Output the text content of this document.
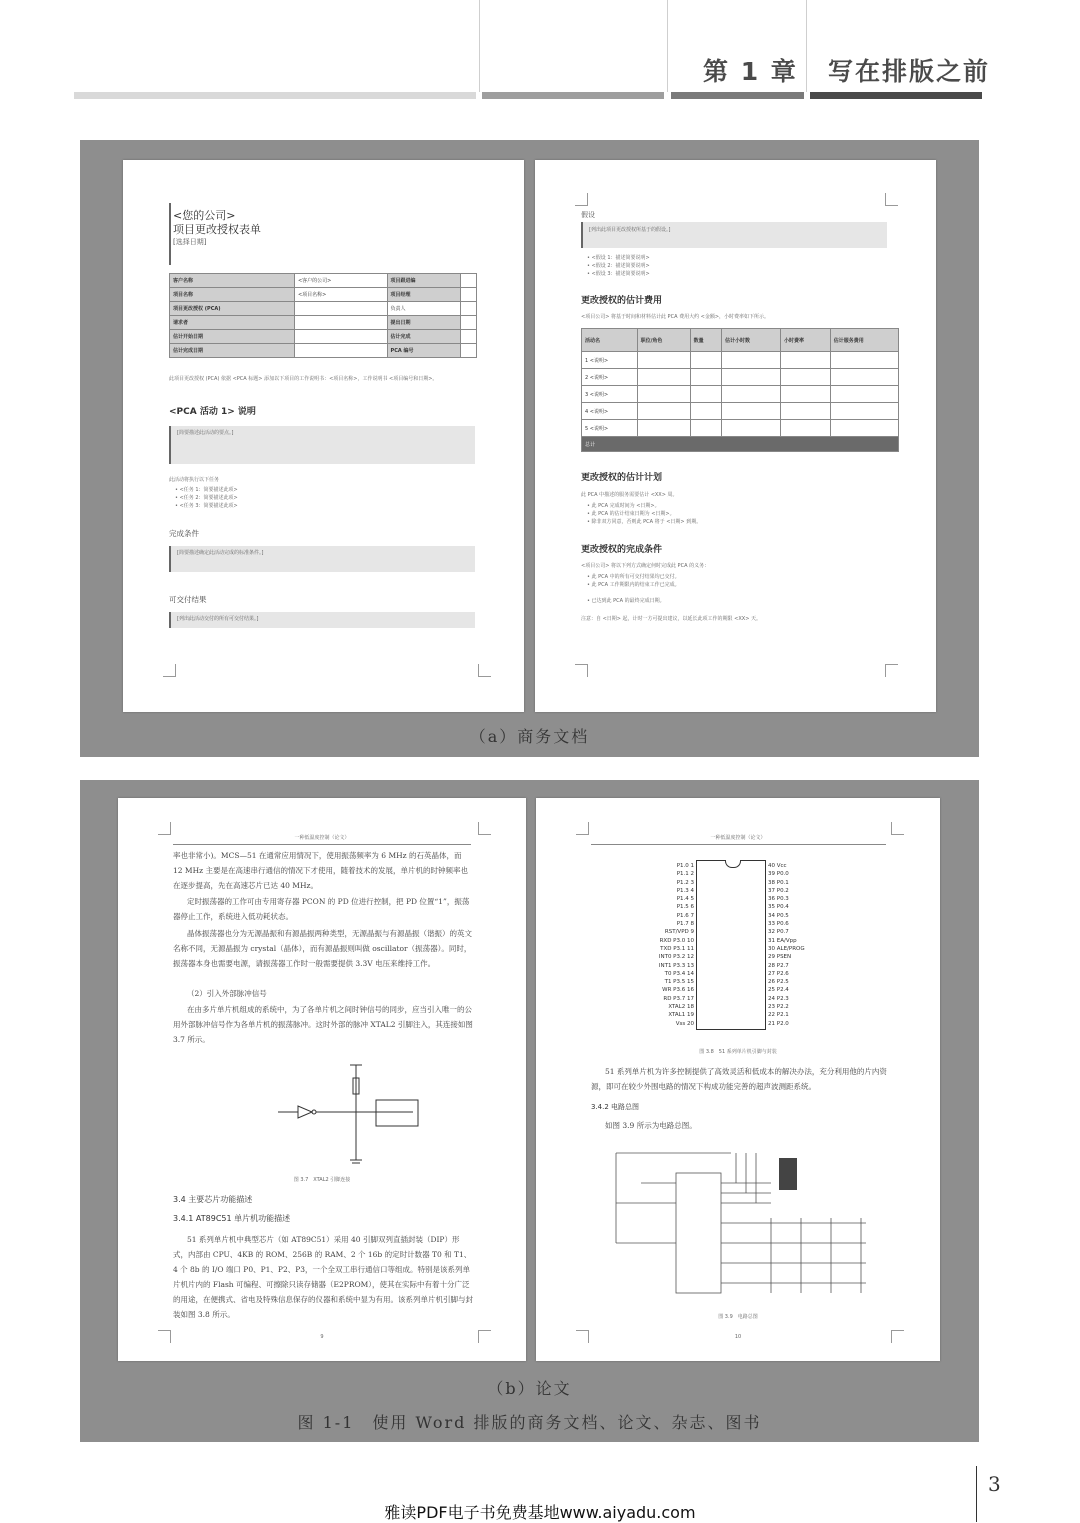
第 1 章 写在排版之前
<您的公司>
项目更改授权表单
[选择日期]
客户名称	<客户的公司>	项目跟进编	
项目名称	<项目名称>	项目经理	
项目更改授权 (PCA)		负责人	
请求者		提出日期	
估计开始日期		估计完成	
估计完成日期		PCA 编号	
此项目更改授权 (PCA) 依据 <PCA 标题> 添加以下项目的工作说明书：<项目名称>，工作说明书 <项目编号和日期>。
<PCA 活动 1> 说明
[简要描述此活动的要点。]
此活动将执行以下任务
• <任务 1：简要描述此项>
• <任务 2：简要描述此项>
• <任务 3：简要描述此项>
完成条件
[简要描述确定此活动完成的标准条件。]
可交付结果
[列出此活动交付的所有可交付结果。]
假设
[列出此项目更改授权所基于的假设。]
• <假设 1：描述简要说明>
• <假设 2：描述简要说明>
• <假设 3：描述简要说明>
更改授权的估计费用
<项目公司> 将基于时间和材料估计此 PCA 费用大约 <金额>，小时费率如下所示。
活动名	职位/角色	数量	估计小时数	小时费率	估计服务费用
1 <说明>					
2 <说明>					
3 <说明>					
4 <说明>					
5 <说明>					
总计					
更改授权的估计计划
此 PCA 中描述的服务需要估计 <XX> 周。
• 此 PCA 完成时间为 <日期>。
• 此 PCA 的估计结束日期为 <日期>。
• 除非双方同意，否则此 PCA 将于 <日期> 到期。
更改授权的完成条件
<项目公司> 将以下列方式确定何时完成此 PCA 的义务：
• 此 PCA 中的所有可交付结果均已交付。
• 此 PCA 工作期限内的结束工作已完成。
• 已达到此 PCA 的最终完成日期。
注意：自 <日期> 起，计时一方可提出建议，以延长此项工作的期限 <XX> 天。
（a）商务文档
一种低温度控制（论文）
率也非常小)。MCS—51 在通常应用情况下，使用振荡频率为 6 MHz 的石英晶体，而 12 MHz 主要是在高速串行通信的情况下才使用，随着技术的发展，单片机的时钟频率也在逐步提高，先在高速芯片已达 40 MHz。
定时振荡器的工作可由专用寄存器 PCON 的 PD 位进行控制，把 PD 位置“1”，振荡器停止工作，系统进入低功耗状态。
晶体振荡器也分为无源晶振和有源晶振两种类型，无源晶振与有源晶振（谐振）的英文名称不同，无源晶振为 crystal（晶体），而有源晶振则叫做 oscillator（振荡器）。同时，振荡器本身也需要电源，请振荡器工作时一般需要提供 3.3V 电压来维持工作。
（2）引入外部脉冲信号
在由多片单片机组成的系统中，为了各单片机之间时钟信号的同步，应当引入唯一的公用外部脉冲信号作为各单片机的振荡脉冲。这时外部的脉冲 XTAL2 引脚注入，其连接如图 3.7 所示。
图 3.7　XTAL2 引脚连接
3.4 主要芯片功能描述
3.4.1 AT89C51 单片机功能描述
51 系列单片机中典型芯片（如 AT89C51）采用 40 引脚双列直插封装（DIP）形式，内部由 CPU、4KB 的 ROM、256B 的 RAM、2 个 16b 的定时计数器 T0 和 T1、4 个 8b 的 I/O 端口 P0、P1、P2、P3，一个全双工串行通信口等组成。特别是该系列单片机片内的 Flash 可编程、可擦除只读存储器（E2PROM），使其在实际中有着十分广泛的用途，在便携式、省电及特殊信息保存的仪器和系统中显为有用。该系列单片机引脚与封装如图 3.8 所示。
9
一种低温度控制（论文）
P1.0 1
P1.1 2
P1.2 3
P1.3 4
P1.4 5
P1.5 6
P1.6 7
P1.7 8
RST/VPD 9
RXD P3.0 10
TXD P3.1 11
INT0 P3.2 12
INT1 P3.3 13
T0 P3.4 14
T1 P3.5 15
WR P3.6 16
RD P3.7 17
XTAL2 18
XTAL1 19
Vss 20
40 Vcc
39 P0.0
38 P0.1
37 P0.2
36 P0.3
35 P0.4
34 P0.5
33 P0.6
32 P0.7
31 EA/Vpp
30 ALE/PROG
29 PSEN
28 P2.7
27 P2.6
26 P2.5
25 P2.4
24 P2.3
23 P2.2
22 P2.1
21 P2.0
图 3.8　51 系列单片机引脚与封装
51 系列单片机为许多控制提供了高效灵活和低成本的解决办法，充分利用他的片内资源，即可在较少外围电路的情况下构成功能完善的超声波测距系统。
3.4.2 电路总图
如图 3.9 所示为电路总图。
图 3.9　电路总图
10
（b）论文
图 1-1　使用 Word 排版的商务文档、论文、杂志、图书
3
雅读PDF电子书免费基地www.aiyadu.com
